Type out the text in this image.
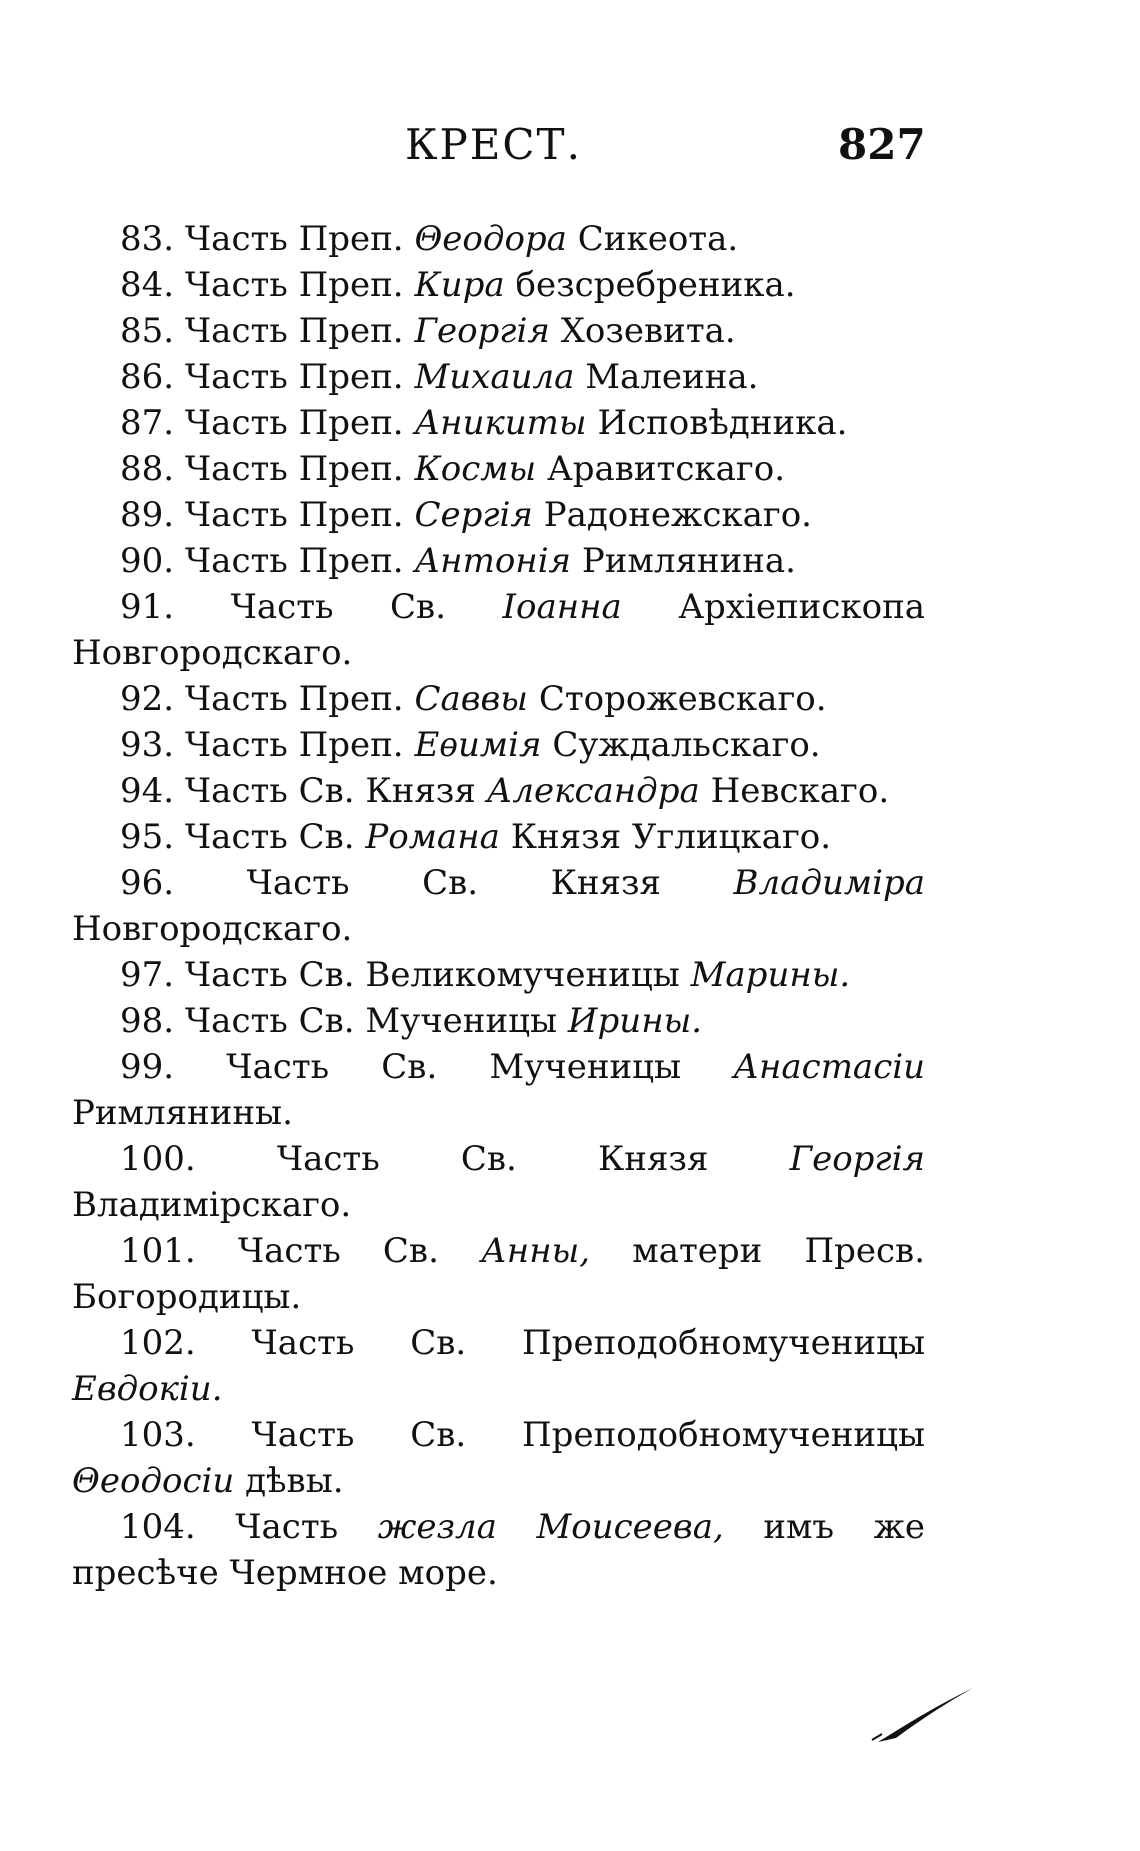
КРЕСТ.	827

83. Часть Преп. Θеодора Сикеота.

84. Часть Преп. Кира безсребреника.

85. Часть Преп. Георгія Хозевита.

86. Часть Преп. Михаила Малеина.

87. Часть Преп. Аникиты Исповѣдника.

88. Часть Преп. Космы Аравитскаго.

89. Часть Преп. Сергія Радонежскаго.

90. Часть Преп. Антонія Римлянина.

91. Часть Св. Іоанна Архіепископа Новгородскаго.

92. Часть Преп. Саввы Сторожевскаго.

93. Часть Преп. Еѳимія Суждальскаго.

94. Часть Св. Князя Александра Невскаго.

95. Часть Св. Романа Князя Углицкаго.

96. Часть Св. Князя Владиміра Новгородскаго.

97. Часть Св. Великомученицы Марины.

98. Часть Св. Мученицы Ирины.

99. Часть Св. Мученицы Анастасіи Римлянины.

100. Часть Св. Князя Георгія Владимірскаго.

101. Часть Св. Анны, матери Пресв. Богородицы.

102. Часть Св. Преподобномученицы Евдокіи.

103. Часть Св. Преподобномученицы Θеодосіи дѣвы.

104. Часть жезла Моисеева, имъ же пресѣче Чермное море.
